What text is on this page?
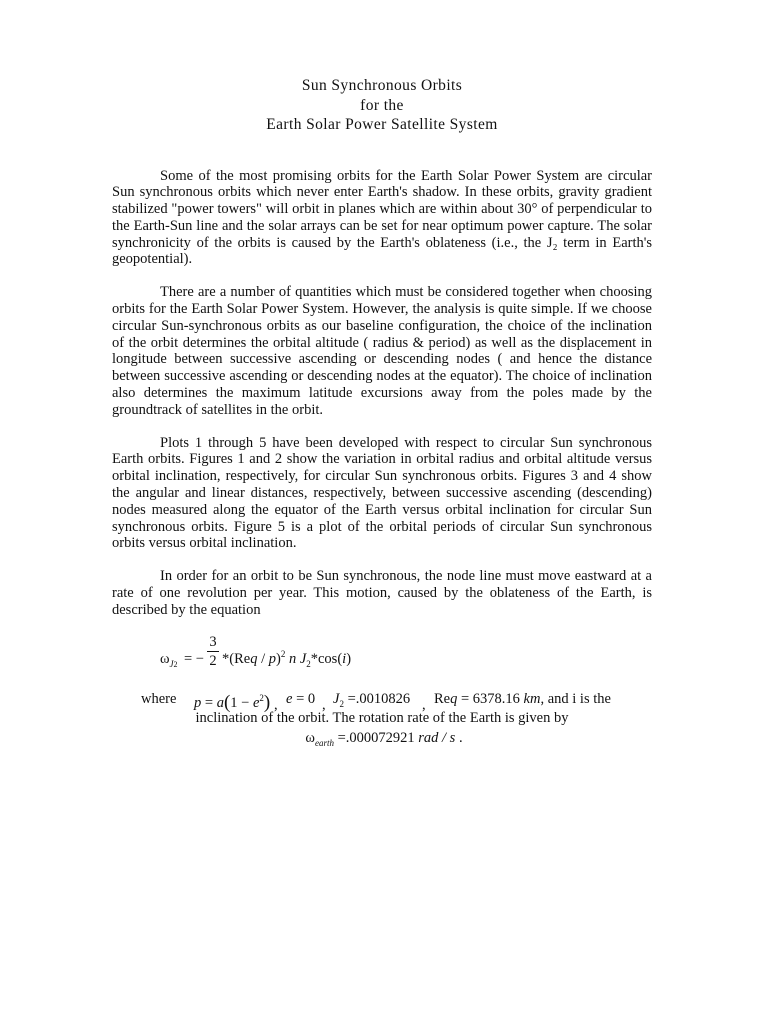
Sun Synchronous Orbits
for the
Earth Solar Power Satellite System

Some of the most promising orbits for the Earth Solar Power System are circular Sun synchronous orbits which never enter Earth's shadow. In these orbits, gravity gradient stabilized "power towers" will orbit in planes which are within about 30° of perpendicular to the Earth-Sun line and the solar arrays can be set for near optimum power capture. The solar synchronicity of the orbits is caused by the Earth's oblateness (i.e., the J₂ term in Earth's geopotential).

There are a number of quantities which must be considered together when choosing orbits for the Earth Solar Power System. However, the analysis is quite simple. If we choose circular Sun-synchronous orbits as our baseline configuration, the choice of the inclination of the orbit determines the orbital altitude ( radius & period) as well as the displacement in longitude between successive ascending or descending nodes ( and hence the distance between successive ascending or descending nodes at the equator). The choice of inclination also determines the maximum latitude excursions away from the poles made by the groundtrack of satellites in the orbit.

Plots 1 through 5 have been developed with respect to circular Sun synchronous Earth orbits. Figures 1 and 2 show the variation in orbital radius and orbital altitude versus orbital inclination, respectively, for circular Sun synchronous orbits. Figures 3 and 4 show the angular and linear distances, respectively, between successive ascending (descending) nodes measured along the equator of the Earth versus orbital inclination for circular Sun synchronous orbits. Figure 5 is a plot of the orbital periods of circular Sun synchronous orbits versus orbital inclination.

In order for an orbit to be Sun synchronous, the node line must move eastward at a rate of one revolution per year. This motion, caused by the oblateness of the Earth, is described by the equation

$\omega_{J2}$ = −
3
2 *(Req / p)$^2$ n $J_2*\cos(i)$
where $p = a(1 - e^2)$ , e = 0 , $J_2 =.0010826$ , Req = 6378.16 km, and i is the
inclination of the orbit. The rotation rate of the Earth is given by
$\omega_{earth} =.000072921$ rad / s .
